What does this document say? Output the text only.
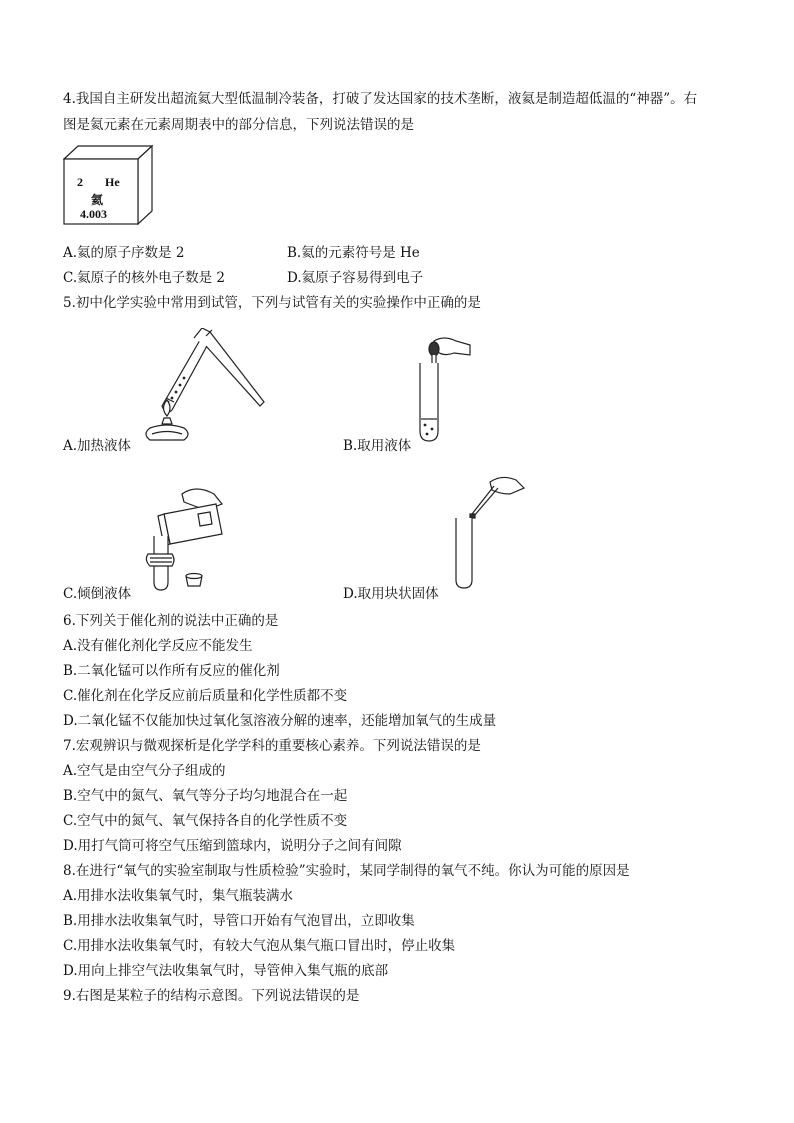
4.我国自主研发出超流氦大型低温制冷装备，打破了发达国家的技术垄断，液氦是制造超低温的“神器”。右
图是氦元素在元素周期表中的部分信息，下列说法错误的是
2 He
氦
4.003
A.氦的原子序数是 2	B.氦的元素符号是 He
C.氦原子的核外电子数是 2	D.氦原子容易得到电子
5.初中化学实验中常用到试管，下列与试管有关的实验操作中正确的是
A.加热液体	B.取用液体
C.倾倒液体	D.取用块状固体
6.下列关于催化剂的说法中正确的是
A.没有催化剂化学反应不能发生
B.二氧化锰可以作所有反应的催化剂
C.催化剂在化学反应前后质量和化学性质都不变
D.二氧化锰不仅能加快过氧化氢溶液分解的速率，还能增加氧气的生成量
7.宏观辨识与微观探析是化学学科的重要核心素养。下列说法错误的是
A.空气是由空气分子组成的
B.空气中的氮气、氧气等分子均匀地混合在一起
C.空气中的氮气、氧气保持各自的化学性质不变
D.用打气筒可将空气压缩到篮球内，说明分子之间有间隙
8.在进行“氧气的实验室制取与性质检验”实验时，某同学制得的氧气不纯。你认为可能的原因是
A.用排水法收集氧气时，集气瓶装满水
B.用排水法收集氧气时，导管口开始有气泡冒出，立即收集
C.用排水法收集氧气时，有较大气泡从集气瓶口冒出时，停止收集
D.用向上排空气法收集氧气时，导管伸入集气瓶的底部
9.右图是某粒子的结构示意图。下列说法错误的是
